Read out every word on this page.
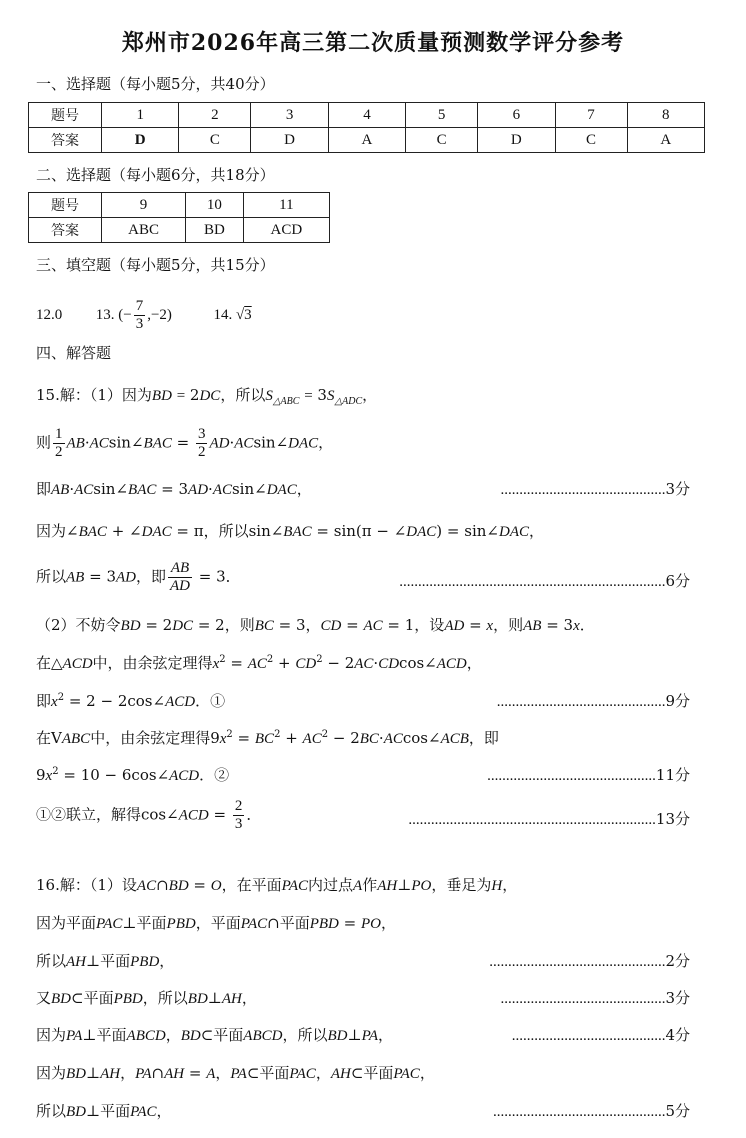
郑州市2026年高三第二次质量预测数学评分参考
一、选择题（每小题5分，共40分）
题号	1	2	3	4	5	6	7	8
答案	D	C	D	A	C	D	C	A
二、选择题（每小题6分，共18分）
题号	9	10	11
答案	ABC	BD	ACD
三、填空题（每小题5分，共15分）
12.0 13. (− $\frac{7}{3} ,-2$)	14. √3
四、解答题
15.解：（1）因为BD = 2DC，所以$S_{\triangle ABC} = 3S_{\triangle ADC}$，
则 $\frac{1}{2}$ AB·ACsin∠BAC = $\frac{3}{2}$ AD·ACsin∠DAC，
即AB·ACsin∠BAC = 3AD·ACsin∠DAC，	............................................3分
因为∠BAC + ∠DAC = π，所以sin∠BAC = sin(π − ∠DAC) = sin∠DAC，
所以AB = 3AD，即 $\frac{AB}{AD} = 3$．	.......................................................................6分
（2）不妨令BD = 2DC = 2，则BC = 3，CD = AC = 1，设AD = x，则AB = 3x．
在△ACD中，由余弦定理得$x^2 = AC^2 + CD^2$ − 2AC·CDcos∠ACD，
即$x^2 = 2$ − 2cos∠ACD．①	.............................................9分
在VABC中，由余弦定理得$9x^2 = BC^2 + AC^2$ − 2BC·ACcos∠ACB，即
$9x^2 = 10$ − 6cos∠ACD．②	.............................................11分
①②联立，解得cos∠ACD = $\frac{2}{3}$ ．	..................................................................13分
16.解：（1）设AC∩BD = O，在平面PAC内过点A作AH⊥PO，垂足为H，
因为平面PAC⊥平面PBD，平面PAC∩平面PBD = PO，
所以AH⊥平面PBD，	...............................................2分
又BD⊂平面PBD，所以BD⊥AH，	............................................3分
因为PA⊥平面ABCD，BD⊂平面ABCD，所以BD⊥PA，	.........................................4分
因为BD⊥AH，PA∩AH = A，PA⊂平面PAC，AH⊂平面PAC，
所以BD⊥平面PAC，	..............................................5分
